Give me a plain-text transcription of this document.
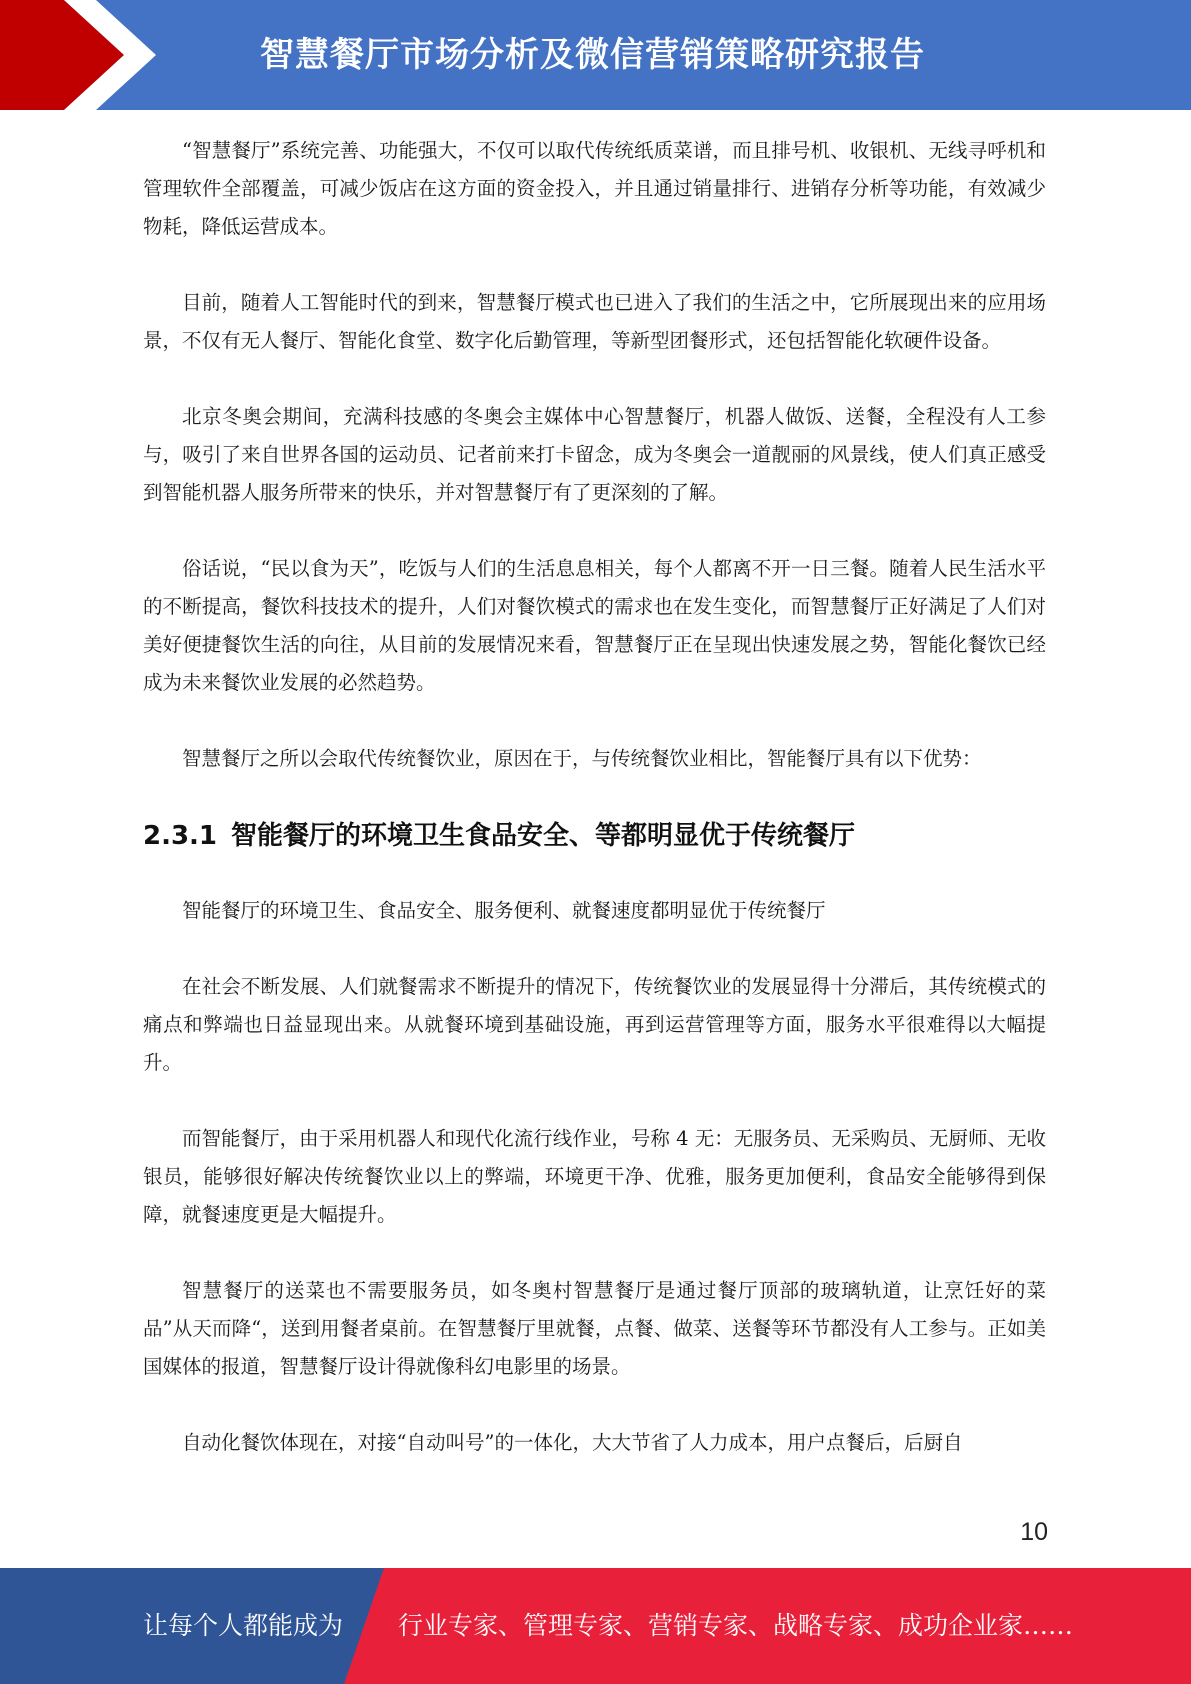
智慧餐厅市场分析及微信营销策略研究报告

“智慧餐厅”系统完善、功能强大，不仅可以取代传统纸质菜谱，而且排号机、收银机、无线寻呼机和管理软件全部覆盖，可减少饭店在这方面的资金投入，并且通过销量排行、进销存分析等功能，有效减少物耗，降低运营成本。

目前，随着人工智能时代的到来，智慧餐厅模式也已进入了我们的生活之中，它所展现出来的应用场景，不仅有无人餐厅、智能化食堂、数字化后勤管理，等新型团餐形式，还包括智能化软硬件设备。

北京冬奥会期间，充满科技感的冬奥会主媒体中心智慧餐厅，机器人做饭、送餐，全程没有人工参与，吸引了来自世界各国的运动员、记者前来打卡留念，成为冬奥会一道靓丽的风景线，使人们真正感受到智能机器人服务所带来的快乐，并对智慧餐厅有了更深刻的了解。

俗话说，“民以食为天”，吃饭与人们的生活息息相关，每个人都离不开一日三餐。随着人民生活水平的不断提高，餐饮科技技术的提升，人们对餐饮模式的需求也在发生变化，而智慧餐厅正好满足了人们对美好便捷餐饮生活的向往，从目前的发展情况来看，智慧餐厅正在呈现出快速发展之势，智能化餐饮已经成为未来餐饮业发展的必然趋势。

智慧餐厅之所以会取代传统餐饮业，原因在于，与传统餐饮业相比，智能餐厅具有以下优势：

2.3.1 智能餐厅的环境卫生食品安全、等都明显优于传统餐厅

智能餐厅的环境卫生、食品安全、服务便利、就餐速度都明显优于传统餐厅

在社会不断发展、人们就餐需求不断提升的情况下，传统餐饮业的发展显得十分滞后，其传统模式的痛点和弊端也日益显现出来。从就餐环境到基础设施，再到运营管理等方面，服务水平很难得以大幅提升。

而智能餐厅，由于采用机器人和现代化流行线作业，号称 4 无：无服务员、无采购员、无厨师、无收银员，能够很好解决传统餐饮业以上的弊端，环境更干净、优雅，服务更加便利，食品安全能够得到保障，就餐速度更是大幅提升。

智慧餐厅的送菜也不需要服务员，如冬奥村智慧餐厅是通过餐厅顶部的玻璃轨道，让烹饪好的菜品”从天而降“，送到用餐者桌前。在智慧餐厅里就餐，点餐、做菜、送餐等环节都没有人工参与。正如美国媒体的报道，智慧餐厅设计得就像科幻电影里的场景。

自动化餐饮体现在，对接“自动叫号”的一体化，大大节省了人力成本，用户点餐后，后厨自

10
让每个人都能成为 行业专家、管理专家、营销专家、战略专家、成功企业家……
